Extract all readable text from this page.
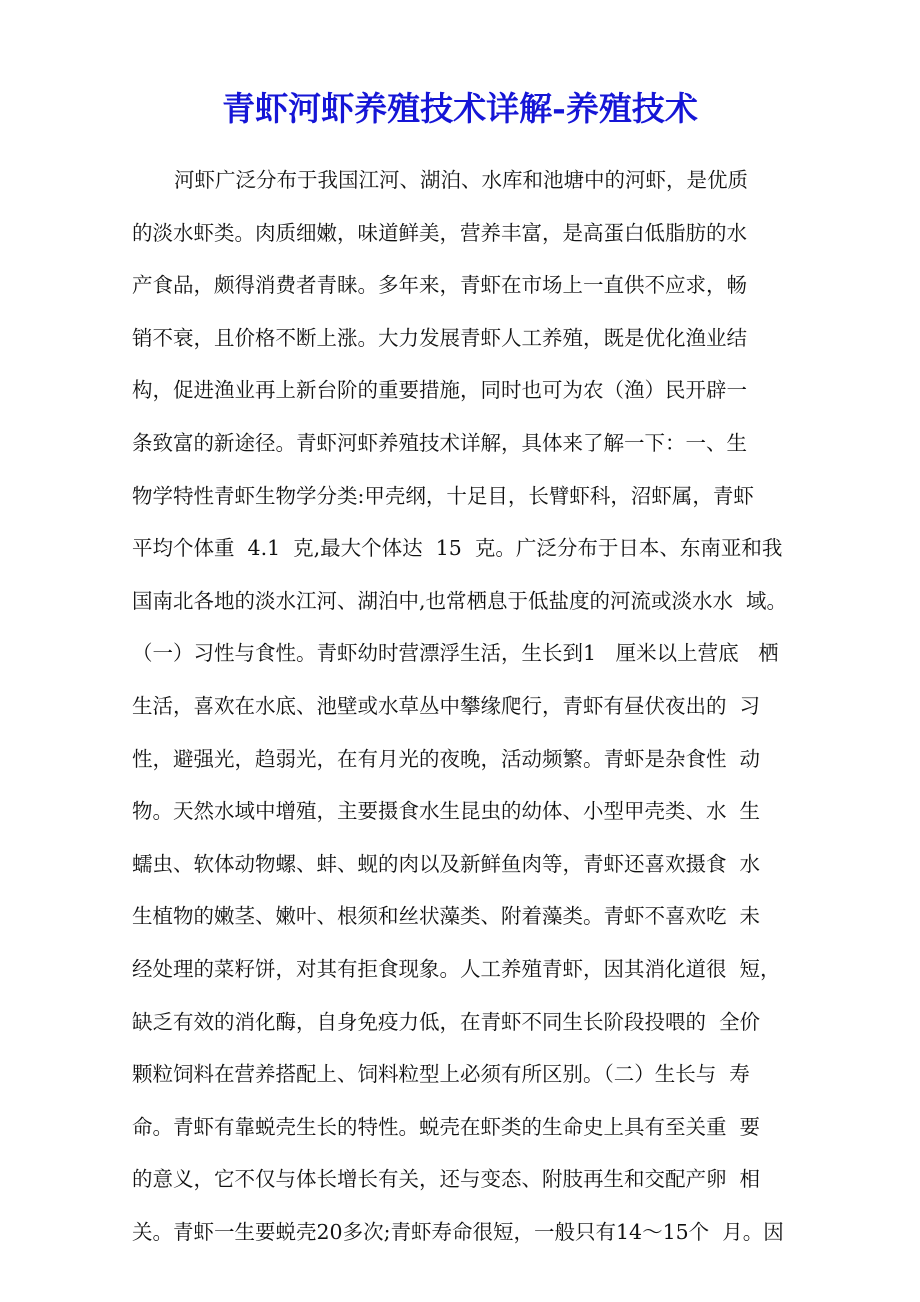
青虾河虾养殖技术详解-养殖技术
河虾广泛分布于我国江河、湖泊、水库和池塘中的河虾，是优质
的淡水虾类。肉质细嫩，味道鲜美，营养丰富，是高蛋白低脂肪的水
产食品，颇得消费者青睐。多年来，青虾在市场上一直供不应求，畅
销不衰，且价格不断上涨。大力发展青虾人工养殖，既是优化渔业结
构，促进渔业再上新台阶的重要措施，同时也可为农（渔）民开辟一
条致富的新途径。青虾河虾养殖技术详解，具体来了解一下：一、生
物学特性青虾生物学分类:甲壳纲，十足目，长臂虾科，沼虾属，青虾
平均个体重  4.1  克,最大个体达  15  克。广泛分布于日本、东南亚和我
国南北各地的淡水江河、湖泊中,也常栖息于低盐度的河流或淡水水  域。
（一）习性与食性。青虾幼时营漂浮生活，生长到1   厘米以上营底   栖
生活，喜欢在水底、池壁或水草丛中攀缘爬行，青虾有昼伏夜出的  习
性，避强光，趋弱光，在有月光的夜晚，活动频繁。青虾是杂食性  动
物。天然水域中增殖，主要摄食水生昆虫的幼体、小型甲壳类、水  生
蠕虫、软体动物螺、蚌、蚬的肉以及新鲜鱼肉等，青虾还喜欢摄食  水
生植物的嫩茎、嫩叶、根须和丝状藻类、附着藻类。青虾不喜欢吃  未
经处理的菜籽饼，对其有拒食现象。人工养殖青虾，因其消化道很  短，
缺乏有效的消化酶，自身免疫力低，在青虾不同生长阶段投喂的  全价
颗粒饲料在营养搭配上、饲料粒型上必须有所区别。（二）生长与  寿
命。青虾有靠蜕壳生长的特性。蜕壳在虾类的生命史上具有至关重  要
的意义，它不仅与体长增长有关，还与变态、附肢再生和交配产卵  相
关。青虾一生要蜕壳20多次;青虾寿命很短，一般只有14～15个  月。因
